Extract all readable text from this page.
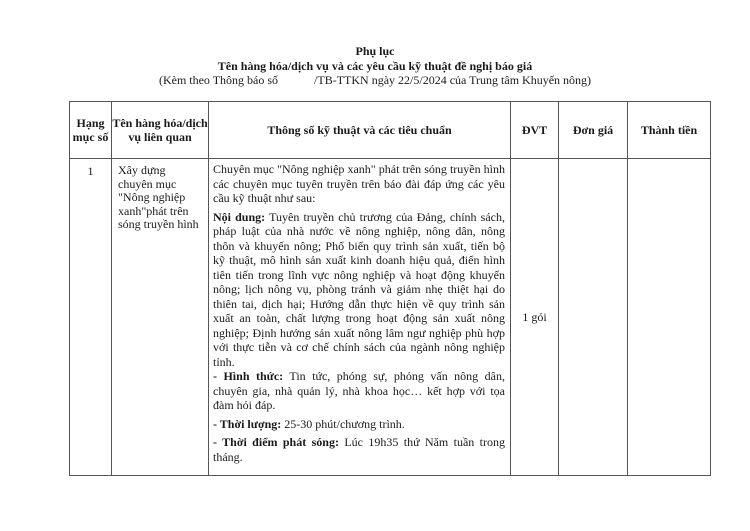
Phụ lục
Tên hàng hóa/dịch vụ và các yêu cầu kỹ thuật đề nghị báo giá
(Kèm theo Thông báo số	/TB-TTKN ngày 22/5/2024 của Trung tâm Khuyến nông)
Hạng mục số	Tên hàng hóa/dịch vụ liên quan	Thông số kỹ thuật và các tiêu chuẩn	ĐVT	Đơn giá	Thành tiền
1	Xây dựng chuyên mục "Nông nghiệp xanh"phát trên sóng truyền hình	Chuyên mục "Nông nghiệp xanh" phát trên sóng truyền hình các chuyên mục tuyên truyền trên báo đài đáp ứng các yêu cầu kỹ thuật như sau:

Nội dung: Tuyên truyền chủ trương của Đảng, chính sách, pháp luật của nhà nước về nông nghiệp, nông dân, nông thôn và khuyến nông; Phổ biến quy trình sản xuất, tiến bộ kỹ thuật, mô hình sản xuất kinh doanh hiệu quả, điển hình tiên tiến trong lĩnh vực nông nghiệp và hoạt động khuyến nông; lịch nông vụ, phòng tránh và giảm nhẹ thiệt hại do thiên tai, dịch hại; Hướng dẫn thực hiện về quy trình sản xuất an toàn, chất lượng trong hoạt động sản xuất nông nghiệp; Định hướng sản xuất nông lâm ngư nghiệp phù hợp với thực tiễn và cơ chế chính sách của ngành nông nghiệp tỉnh.

- Hình thức: Tin tức, phóng sự, phỏng vấn nông dân, chuyên gia, nhà quản lý, nhà khoa học… kết hợp với tọa đàm hỏi đáp.

- Thời lượng: 25-30 phút/chương trình.

- Thời điểm phát sóng: Lúc 19h35 thứ Năm tuần trong tháng.	1 gói		
